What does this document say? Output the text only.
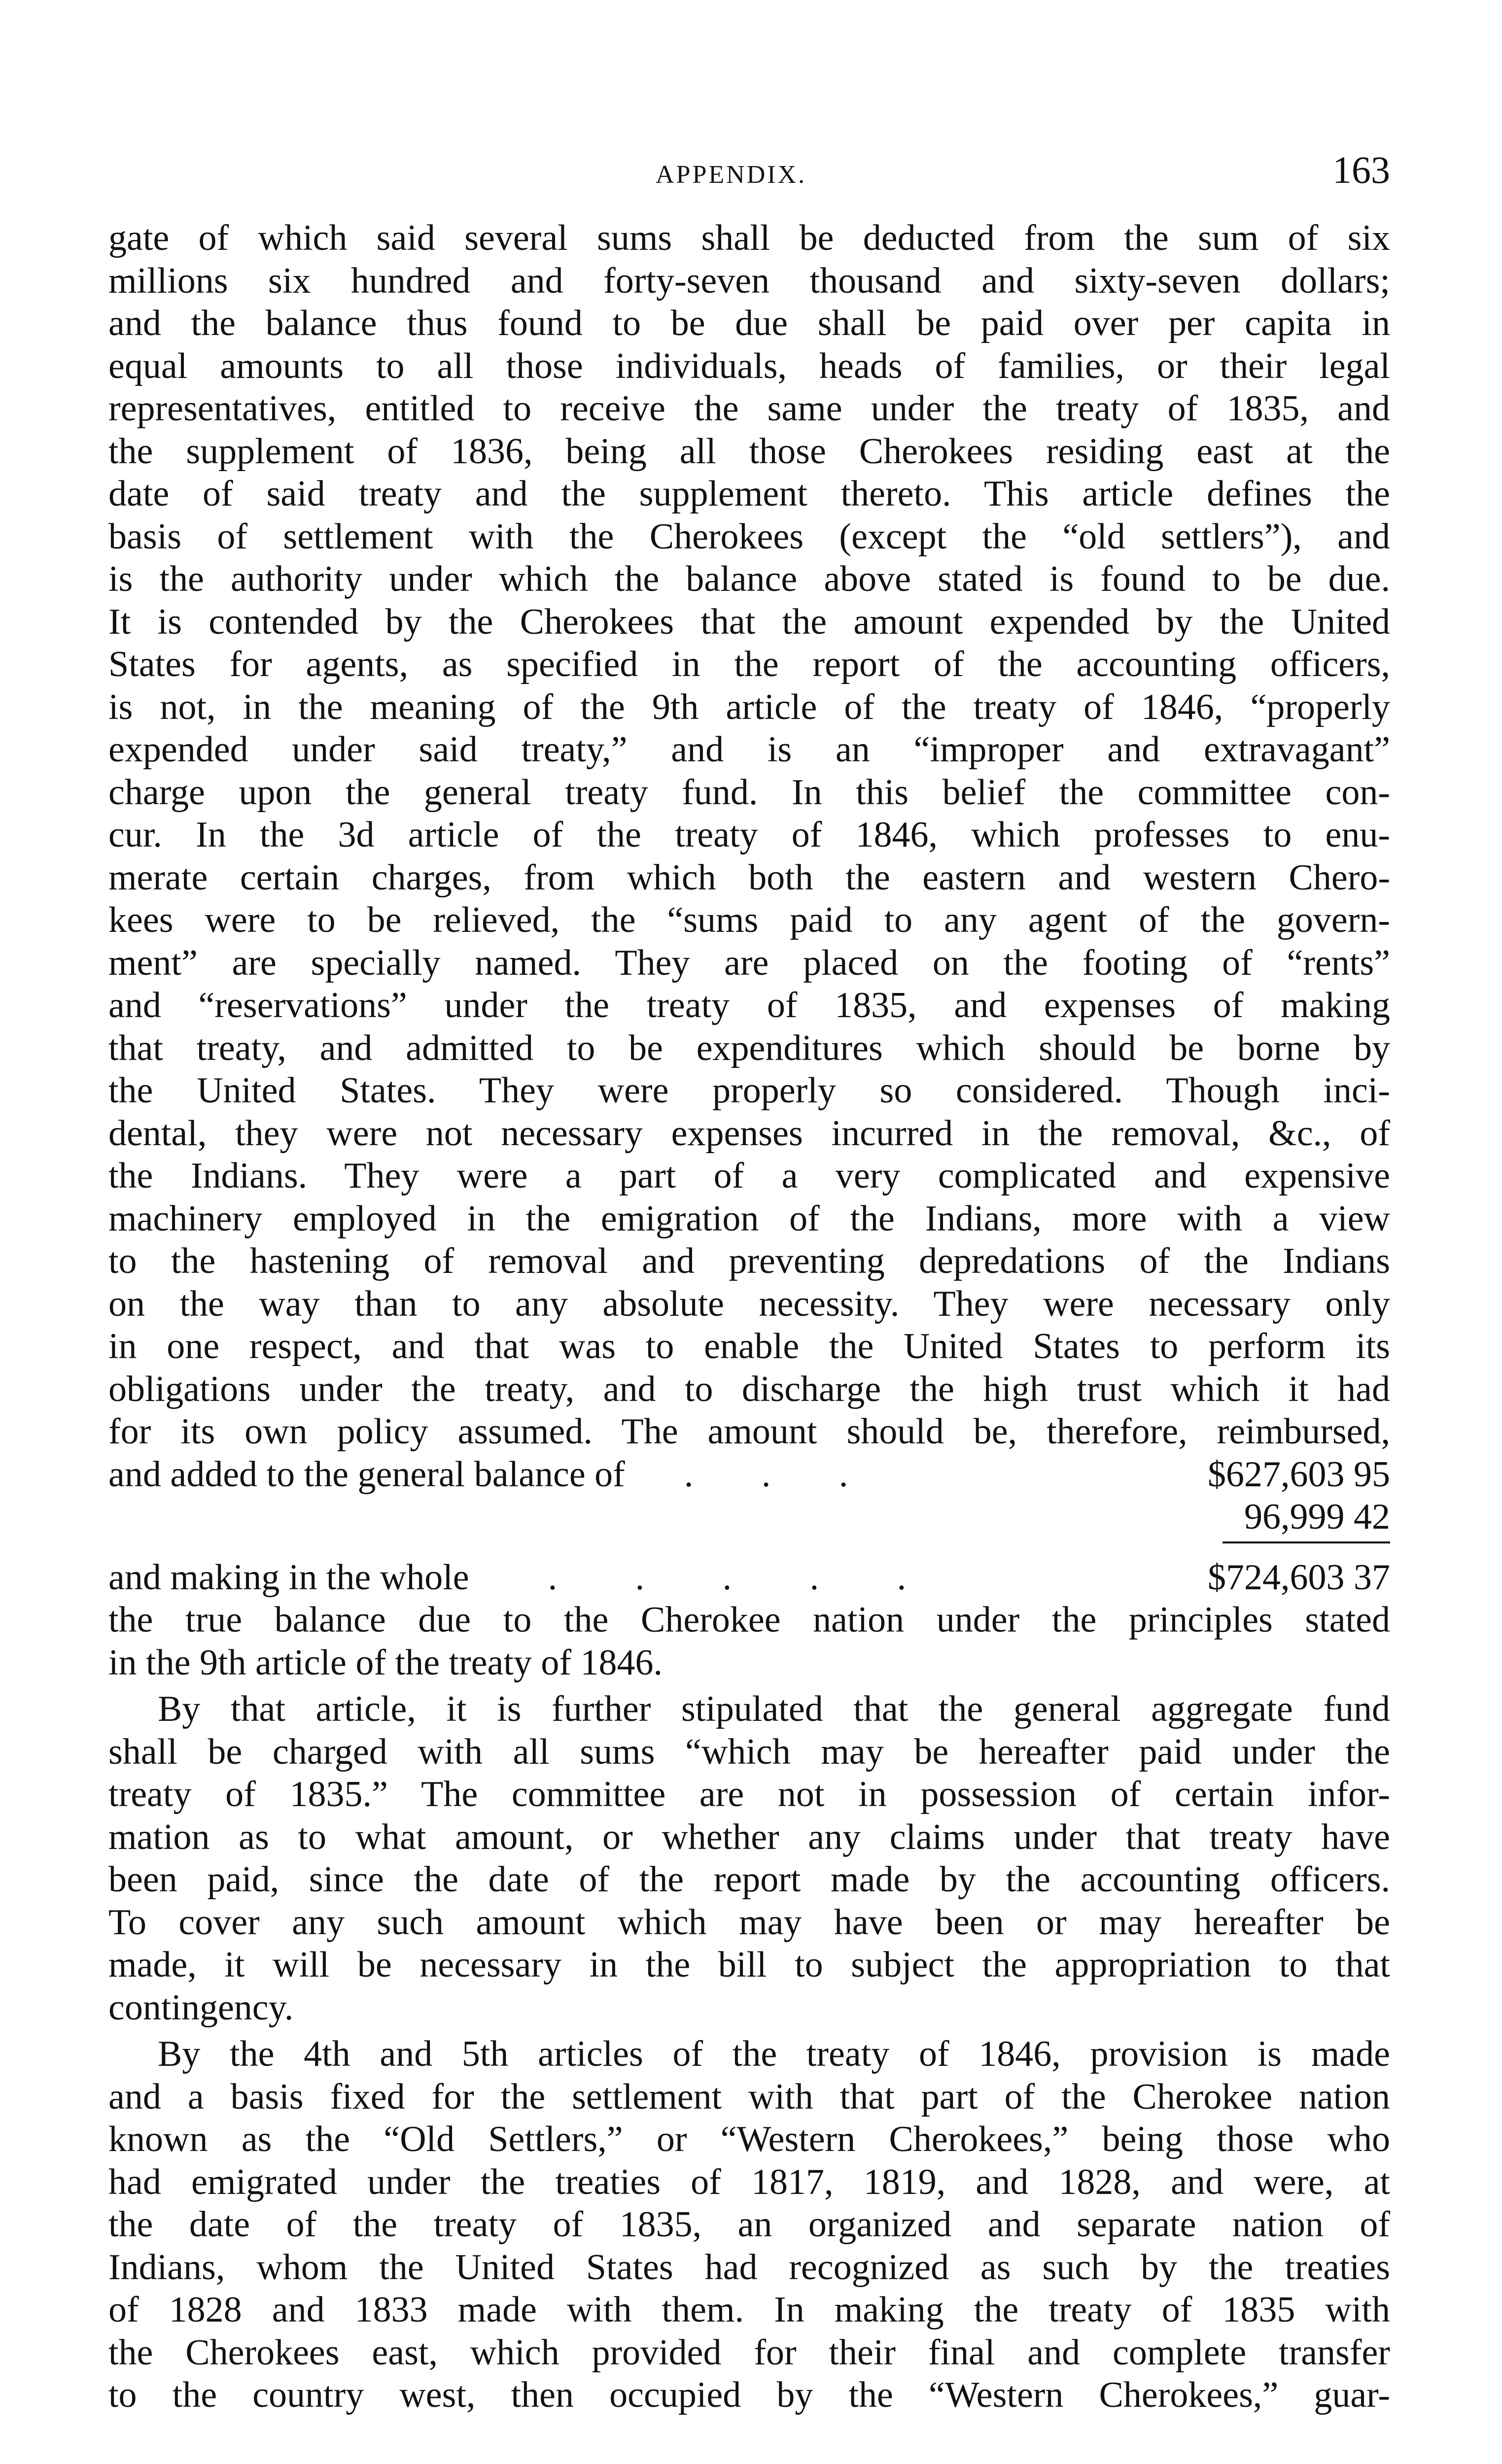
APPENDIX.	163

gate of which said several sums shall be deducted from the sum of six
millions six hundred and forty-seven thousand and sixty-seven dollars;
and the balance thus found to be due shall be paid over per capita in
equal amounts to all those individuals, heads of families, or their legal
representatives, entitled to receive the same under the treaty of 1835, and
the supplement of 1836, being all those Cherokees residing east at the
date of said treaty and the supplement thereto. This article defines the
basis of settlement with the Cherokees (except the “old settlers”), and
is the authority under which the balance above stated is found to be due.
It is contended by the Cherokees that the amount expended by the United
States for agents, as specified in the report of the accounting officers,
is not, in the meaning of the 9th article of the treaty of 1846, “properly
expended under said treaty,” and is an “improper and extravagant”
charge upon the general treaty fund. In this belief the committee con-
cur. In the 3d article of the treaty of 1846, which professes to enu-
merate certain charges, from which both the eastern and western Chero-
kees were to be relieved, the “sums paid to any agent of the govern-
ment” are specially named. They are placed on the footing of “rents”
and “reservations” under the treaty of 1835, and expenses of making
that treaty, and admitted to be expenditures which should be borne by
the United States. They were properly so considered. Though inci-
dental, they were not necessary expenses incurred in the removal, &c., of
the Indians. They were a part of a very complicated and expensive
machinery employed in the emigration of the Indians, more with a view
to the hastening of removal and preventing depredations of the Indians
on the way than to any absolute necessity. They were necessary only
in one respect, and that was to enable the United States to perform its
obligations under the treaty, and to discharge the high trust which it had
for its own policy assumed. The amount should be, therefore, reimbursed,

and added to the general balance of . . .	$627,603 95
96,999 42
and making in the whole . . . . .	$724,603 37

the true balance due to the Cherokee nation under the principles stated
in the 9th article of the treaty of 1846.

By that article, it is further stipulated that the general aggregate fund
shall be charged with all sums “which may be hereafter paid under the
treaty of 1835.” The committee are not in possession of certain infor-
mation as to what amount, or whether any claims under that treaty have
been paid, since the date of the report made by the accounting officers.
To cover any such amount which may have been or may hereafter be
made, it will be necessary in the bill to subject the appropriation to that
contingency.

By the 4th and 5th articles of the treaty of 1846, provision is made
and a basis fixed for the settlement with that part of the Cherokee nation
known as the “Old Settlers,” or “Western Cherokees,” being those who
had emigrated under the treaties of 1817, 1819, and 1828, and were, at
the date of the treaty of 1835, an organized and separate nation of
Indians, whom the United States had recognized as such by the treaties
of 1828 and 1833 made with them. In making the treaty of 1835 with
the Cherokees east, which provided for their final and complete transfer
to the country west, then occupied by the “Western Cherokees,” guar-
